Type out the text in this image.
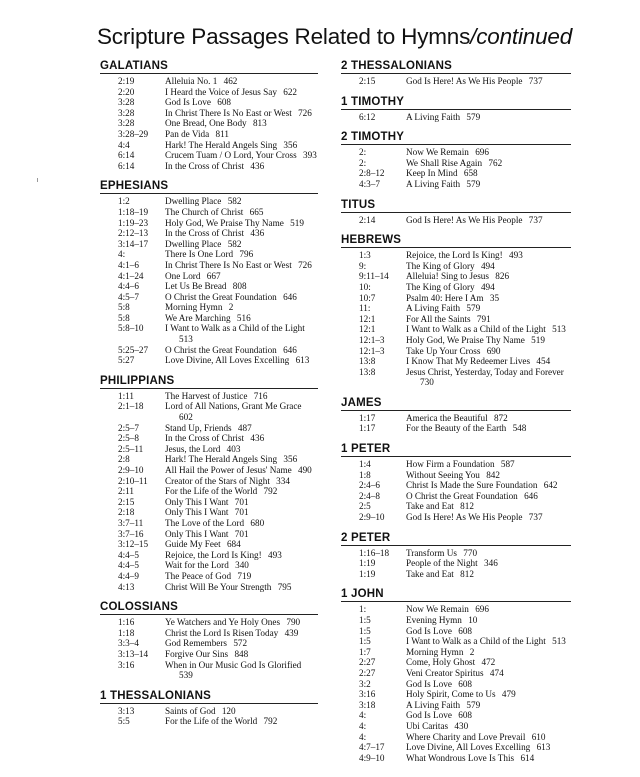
Scripture Passages Related to Hymns/continued
GALATIANS
2:19	Alleluia No. 1 462
2:20	I Heard the Voice of Jesus Say 622
3:28	God Is Love 608
3:28	In Christ There Is No East or West 726
3:28	One Bread, One Body 813
3:28–29	Pan de Vida 811
4:4	Hark! The Herald Angels Sing 356
6:14	Crucem Tuam / O Lord, Your Cross 393
6:14	In the Cross of Christ 436
EPHESIANS
1:2	Dwelling Place 582
1:18–19	The Church of Christ 665
1:19–23	Holy God, We Praise Thy Name 519
2:12–13	In the Cross of Christ 436
3:14–17	Dwelling Place 582
4:	There Is One Lord 796
4:1–6	In Christ There Is No East or West 726
4:1–24	One Lord 667
4:4–6	Let Us Be Bread 808
4:5–7	O Christ the Great Foundation 646
5:8	Morning Hymn 2
5:8	We Are Marching 516
5:8–10	I Want to Walk as a Child of the Light 513
5:25–27	O Christ the Great Foundation 646
5:27	Love Divine, All Loves Excelling 613
PHILIPPIANS
1:11	The Harvest of Justice 716
2:1–18	Lord of All Nations, Grant Me Grace 602
2:5–7	Stand Up, Friends 487
2:5–8	In the Cross of Christ 436
2:5–11	Jesus, the Lord 403
2:8	Hark! The Herald Angels Sing 356
2:9–10	All Hail the Power of Jesus' Name 490
2:10–11	Creator of the Stars of Night 334
2:11	For the Life of the World 792
2:15	Only This I Want 701
2:18	Only This I Want 701
3:7–11	The Love of the Lord 680
3:7–16	Only This I Want 701
3:12–15	Guide My Feet 684
4:4–5	Rejoice, the Lord Is King! 493
4:4–5	Wait for the Lord 340
4:4–9	The Peace of God 719
4:13	Christ Will Be Your Strength 795
COLOSSIANS
1:16	Ye Watchers and Ye Holy Ones 790
1:18	Christ the Lord Is Risen Today 439
3:3–4	God Remembers 572
3:13–14	Forgive Our Sins 848
3:16	When in Our Music God Is Glorified 539
1 THESSALONIANS
3:13	Saints of God 120
5:5	For the Life of the World 792
2 THESSALONIANS
2:15	God Is Here! As We His People 737
1 TIMOTHY
6:12	A Living Faith 579
2 TIMOTHY
2:	Now We Remain 696
2:	We Shall Rise Again 762
2:8–12	Keep In Mind 658
4:3–7	A Living Faith 579
TITUS
2:14	God Is Here! As We His People 737
HEBREWS
1:3	Rejoice, the Lord Is King! 493
9:	The King of Glory 494
9:11–14	Alleluia! Sing to Jesus 826
10:	The King of Glory 494
10:7	Psalm 40: Here I Am 35
11:	A Living Faith 579
12:1	For All the Saints 791
12:1	I Want to Walk as a Child of the Light 513
12:1–3	Holy God, We Praise Thy Name 519
12:1–3	Take Up Your Cross 690
13:8	I Know That My Redeemer Lives 454
13:8	Jesus Christ, Yesterday, Today and Forever 730
JAMES
1:17	America the Beautiful 872
1:17	For the Beauty of the Earth 548
1 PETER
1:4	How Firm a Foundation 587
1:8	Without Seeing You 842
2:4–6	Christ Is Made the Sure Foundation 642
2:4–8	O Christ the Great Foundation 646
2:5	Take and Eat 812
2:9–10	God Is Here! As We His People 737
2 PETER
1:16–18	Transform Us 770
1:19	People of the Night 346
1:19	Take and Eat 812
1 JOHN
1:	Now We Remain 696
1:5	Evening Hymn 10
1:5	God Is Love 608
1:5	I Want to Walk as a Child of the Light 513
1:7	Morning Hymn 2
2:27	Come, Holy Ghost 472
2:27	Veni Creator Spiritus 474
3:2	God Is Love 608
3:16	Holy Spirit, Come to Us 479
3:18	A Living Faith 579
4:	God Is Love 608
4:	Ubi Caritas 430
4:	Where Charity and Love Prevail 610
4:7–17	Love Divine, All Loves Excelling 613
4:9–10	What Wondrous Love Is This 614
